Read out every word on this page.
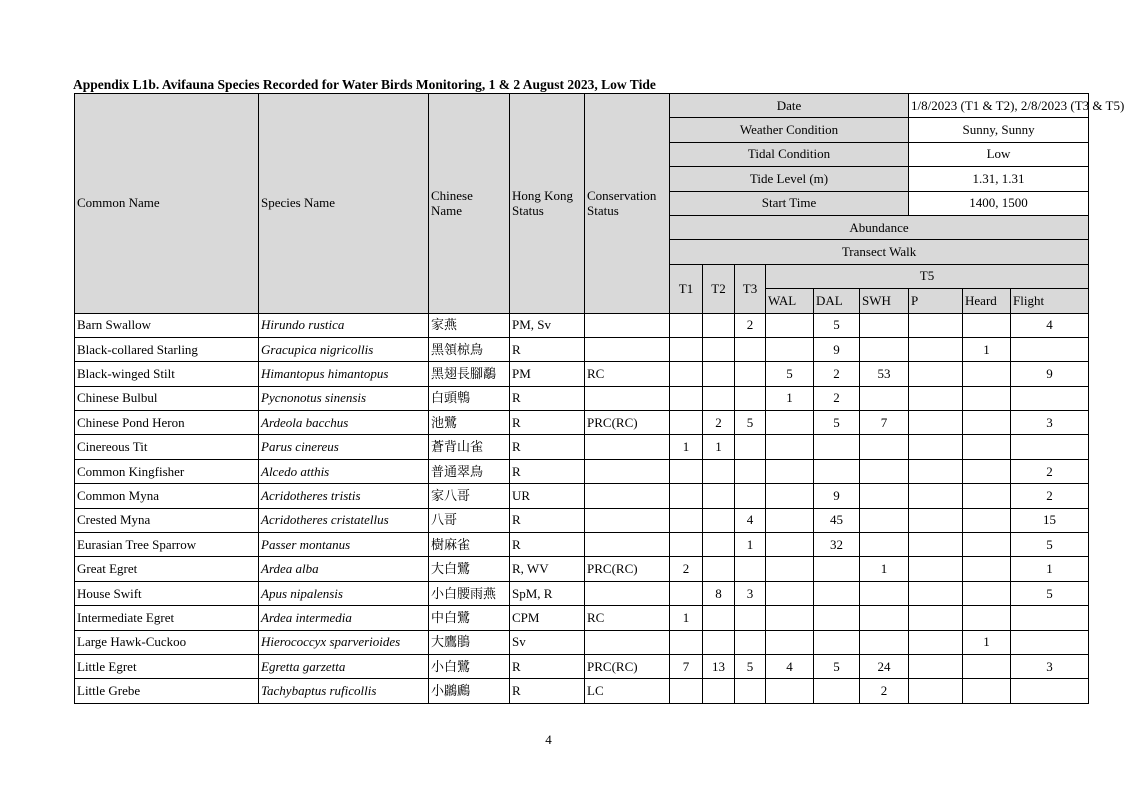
Appendix L1b. Avifauna Species Recorded for Water Birds Monitoring, 1 & 2 August 2023, Low Tide
Common Name	Species Name	Chinese Name	Hong Kong Status	Conservation Status	Date						1/8/2023 (T1 & T2), 2/8/2023 (T3 & T5)		

					Weather Condition						Sunny, Sunny		
					Tidal Condition						Low		
					Tide Level (m)						1.31, 1.31		
					Start Time						1400, 1500		
					Abundance								
					Transect Walk								
					T1	T2	T3	T5					
								WAL	DAL	SWH	P	Heard	Flight
Barn Swallow	Hirundo rustica	家燕	PM, Sv				2		5				4
Black-collared Starling	Gracupica nigricollis	黑領椋鳥	R						9			1	
Black-winged Stilt	Himantopus himantopus	黑翅長腳鷸	PM	RC				5	2	53			9
Chinese Bulbul	Pycnonotus sinensis	白頭鵯	R					1	2				
Chinese Pond Heron	Ardeola bacchus	池鷺	R	PRC(RC)		2	5		5	7			3
Cinereous Tit	Parus cinereus	蒼背山雀	R		1	1							
Common Kingfisher	Alcedo atthis	普通翠鳥	R										2
Common Myna	Acridotheres tristis	家八哥	UR						9				2
Crested Myna	Acridotheres cristatellus	八哥	R				4		45				15
Eurasian Tree Sparrow	Passer montanus	樹麻雀	R				1		32				5
Great Egret	Ardea alba	大白鷺	R, WV	PRC(RC)	2					1			1
House Swift	Apus nipalensis	小白腰雨燕	SpM, R			8	3						5
Intermediate Egret	Ardea intermedia	中白鷺	CPM	RC	1								
Large Hawk-Cuckoo	Hierococcyx sparverioides	大鷹鵑	Sv									1	
Little Egret	Egretta garzetta	小白鷺	R	PRC(RC)	7	13	5	4	5	24			3
Little Grebe	Tachybaptus ruficollis	小鸊鷉	R	LC						2			
4
